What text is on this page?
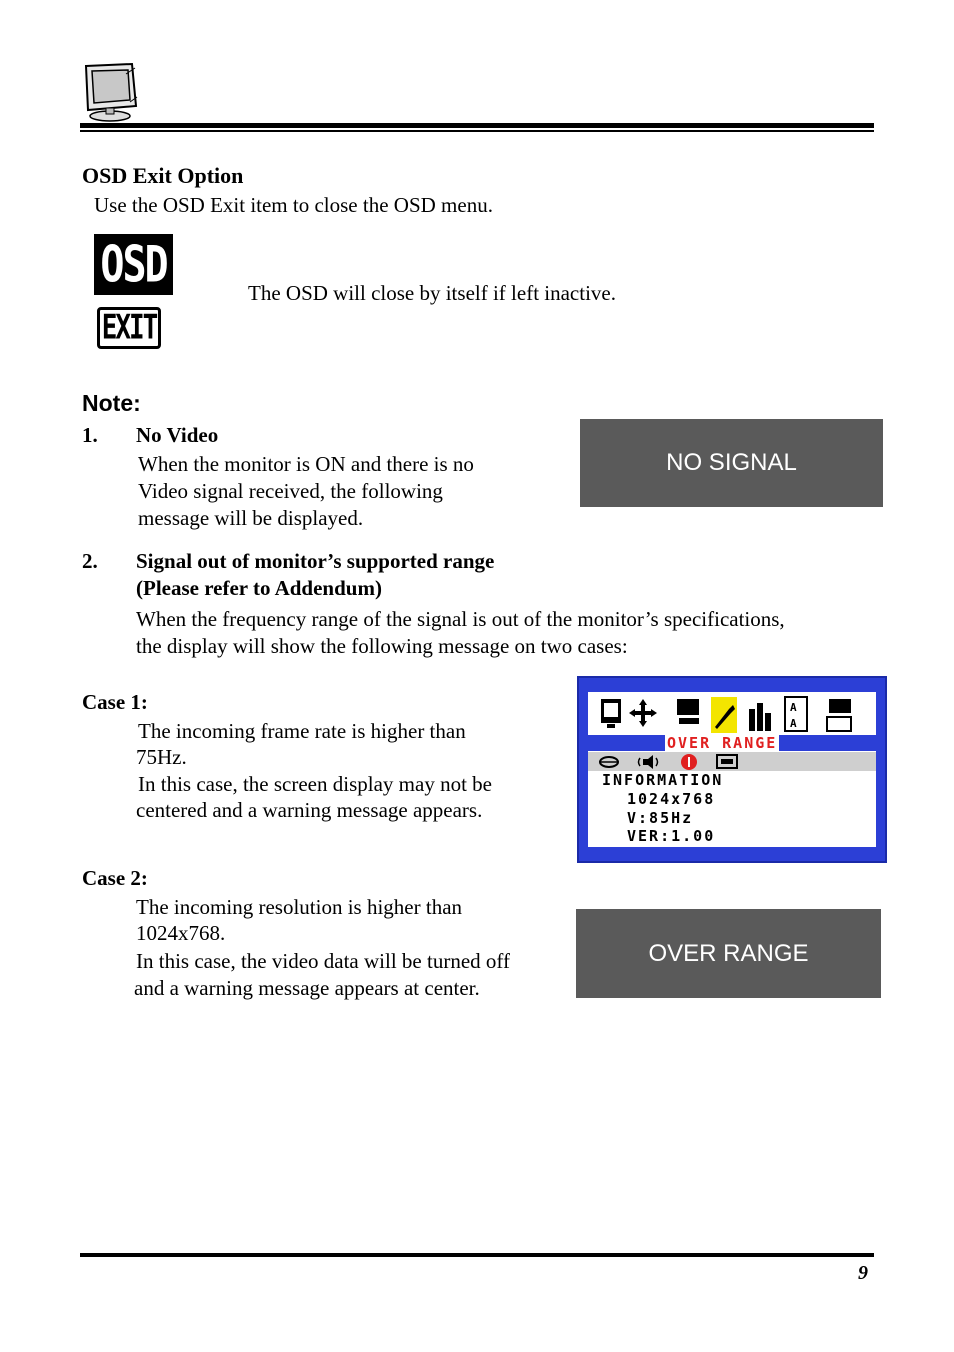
OSD Exit Option
Use the OSD Exit item to close the OSD menu.
OSD
EXIT
The OSD will close by itself if left inactive.
Note:
1. No Video
When the monitor is ON and there is no
Video signal received, the following
message will be displayed.
NO SIGNAL
2. Signal out of monitor’s supported range
(Please refer to Addendum)
When the frequency range of the signal is out of the monitor’s specifications,
the display will show the following message on two cases:
Case 1:
The incoming frame rate is higher than
75Hz.
In this case, the screen display may not be
centered and a warning message appears.
A
A
OVER RANGE
INFORMATION
1024x768
V:85Hz
VER:1.00
Case 2:
The incoming resolution is higher than
1024x768.
In this case, the video data will be turned off
and a warning message appears at center.
OVER RANGE
9
